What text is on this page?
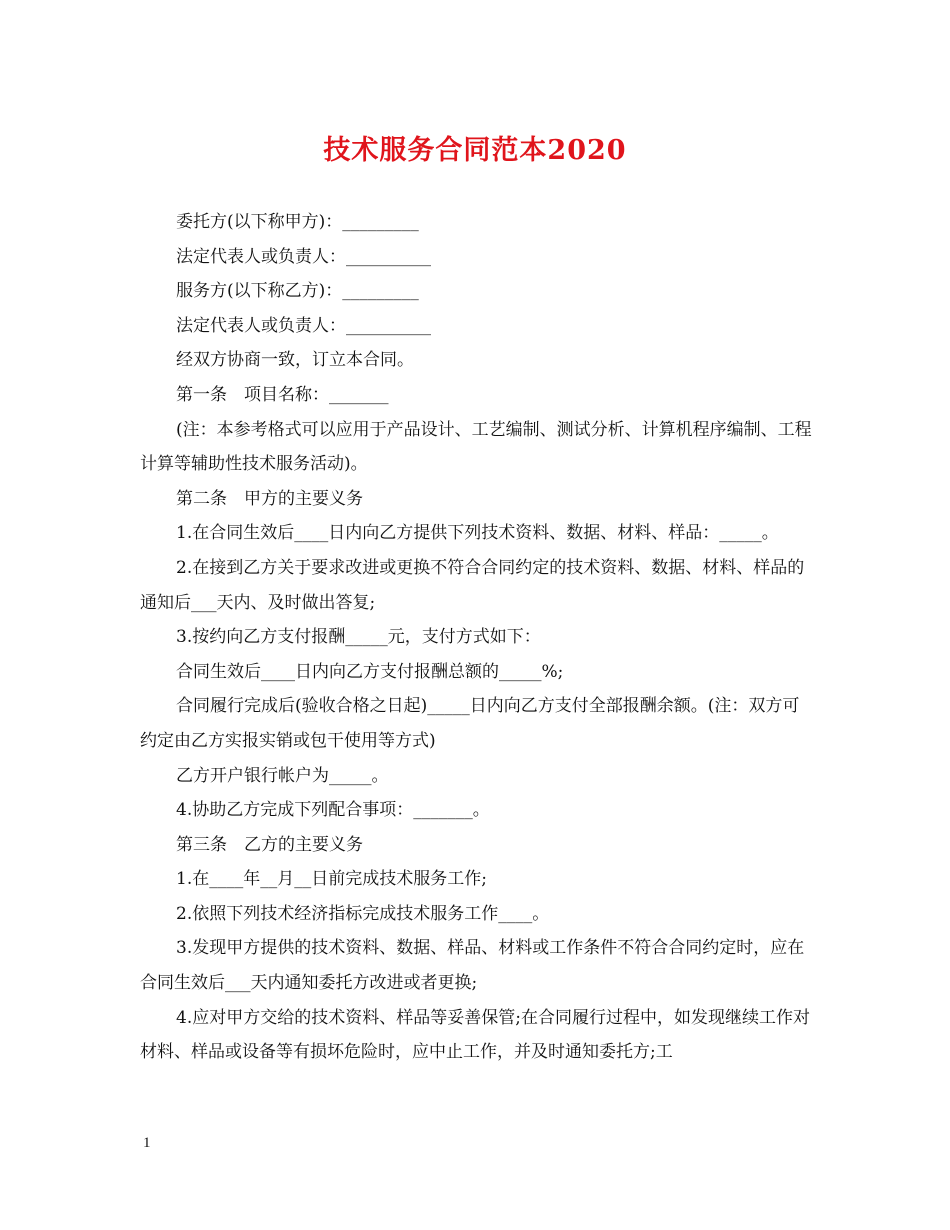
技术服务合同范本2020

委托方(以下称甲方)：_________

法定代表人或负责人：__________

服务方(以下称乙方)：_________

法定代表人或负责人：__________

经双方协商一致，订立本合同。

第一条　项目名称：_______

(注：本参考格式可以应用于产品设计、工艺编制、测试分析、计算机程序编制、工程计算等辅助性技术服务活动)。

第二条　甲方的主要义务

1.在合同生效后____日内向乙方提供下列技术资料、数据、材料、样品：_____。

2.在接到乙方关于要求改进或更换不符合合同约定的技术资料、数据、材料、样品的通知后___天内、及时做出答复;

3.按约向乙方支付报酬_____元，支付方式如下：

合同生效后____日内向乙方支付报酬总额的_____%;

合同履行完成后(验收合格之日起)_____日内向乙方支付全部报酬余额。(注：双方可约定由乙方实报实销或包干使用等方式)

乙方开户银行帐户为_____。

4.协助乙方完成下列配合事项：_______。

第三条　乙方的主要义务

1.在____年__月__日前完成技术服务工作;

2.依照下列技术经济指标完成技术服务工作____。

3.发现甲方提供的技术资料、数据、样品、材料或工作条件不符合合同约定时，应在合同生效后___天内通知委托方改进或者更换;

4.应对甲方交给的技术资料、样品等妥善保管;在合同履行过程中，如发现继续工作对材料、样品或设备等有损坏危险时，应中止工作，并及时通知委托方;工

1
